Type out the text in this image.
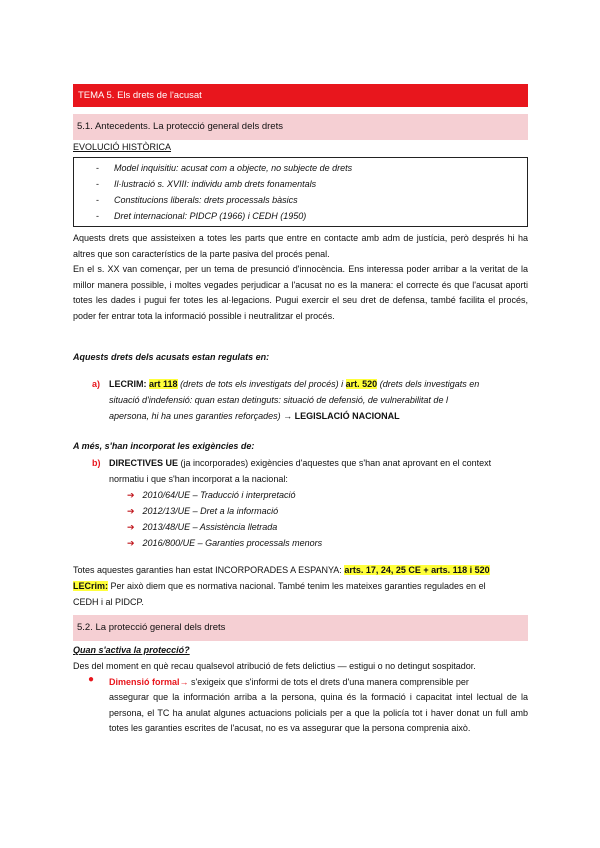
TEMA 5. Els drets de l'acusat
5.1. Antecedents. La protecció general dels drets
EVOLUCIÓ HISTÒRICA
- Model inquisitiu: acusat com a objecte, no subjecte de drets
- Il·lustració s. XVIII: individu amb drets fonamentals
- Constitucions liberals: drets processals bàsics
- Dret internacional: PIDCP (1966) i CEDH (1950)
Aquests drets que assisteixen a totes les parts que entre en contacte amb adm de justícia, però després hi ha altres que son característics de la parte pasiva del procés penal.
En el s. XX van començar, per un tema de presunció d'innocència. Ens interessa poder arribar a la veritat de la millor manera possible, i moltes vegades perjudicar a l'acusat no es la manera: el correcte és que l'acusat aporti totes les dades i pugui fer totes les al·legacions. Pugui exercir el seu dret de defensa, també facilita el procés, poder fer entrar tota la informació possible i neutralitzar el procés.
Aquests drets dels acusats estan regulats en:
a) LECRIM: art 118 (drets de tots els investigats del procés) i art. 520 (drets dels investigats en
situació d'indefensió: quan estan detinguts: situació de defensió, de vulnerabilitat de l
apersona, hi ha unes garanties reforçades) → LEGISLACIÓ NACIONAL
A més, s'han incorporat les exigències de:
b) DIRECTIVES UE (ja incorporades) exigències d'aquestes que s'han anat aprovant en el context
normatiu i que s'han incorporat a la nacional:
➔ 2010/64/UE – Traducció i interpretació
➔ 2012/13/UE – Dret a la informació
➔ 2013/48/UE – Assistència lletrada
➔ 2016/800/UE – Garanties processals menors
Totes aquestes garanties han estat INCORPORADES A ESPANYA: arts. 17, 24, 25 CE + arts. 118 i 520
LECrim: Per això diem que es normativa nacional. També tenim les mateixes garanties regulades en el
CEDH i al PIDCP.
5.2. La protecció general dels drets
Quan s'activa la protecció?
Des del moment en què recau qualsevol atribució de fets delictius — estigui o no detingut sospitador.
● Dimensió formal→ s'exigeix que s'informi de tots el drets d'una manera comprensible per
assegurar que la información arriba a la persona, quina és la formació i capacitat intel lectual de la persona, el TC ha anulat algunes actuacions policials per a que la policía tot i haver donat un full amb totes les garanties escrites de l'acusat, no es va assegurar que la persona comprenia això.
